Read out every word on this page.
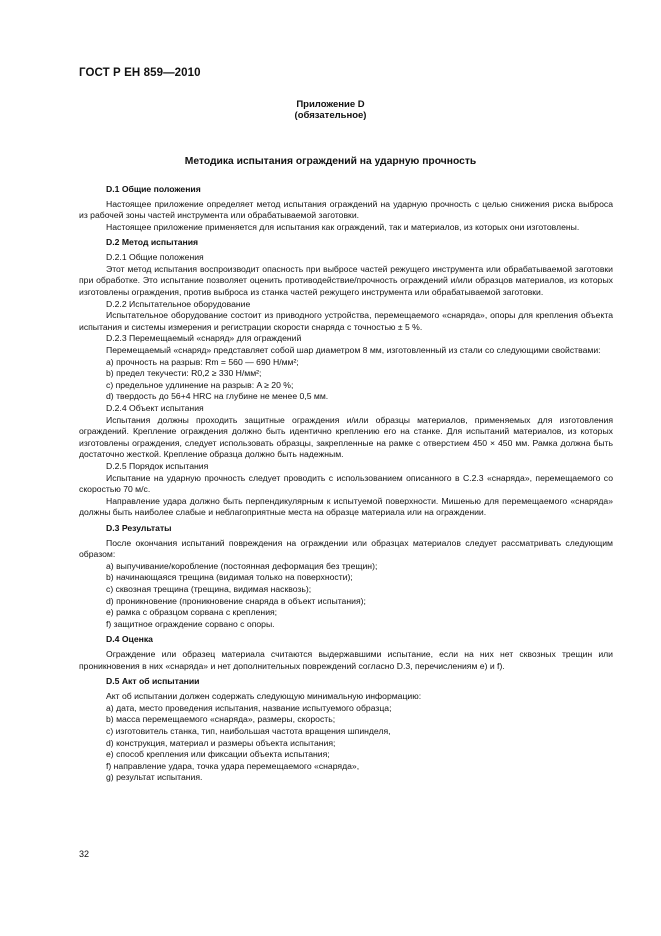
ГОСТ Р ЕН 859—2010
Приложение D
(обязательное)
Методика испытания ограждений на ударную прочность

D.1 Общие положения

Настоящее приложение определяет метод испытания ограждений на ударную прочность с целью снижения риска выброса из рабочей зоны частей инструмента или обрабатываемой заготовки.

Настоящее приложение применяется для испытания как ограждений, так и материалов, из которых они изготовлены.

D.2 Метод испытания

D.2.1 Общие положения

Этот метод испытания воспроизводит опасность при выбросе частей режущего инструмента или обрабатываемой заготовки при обработке. Это испытание позволяет оценить противодействие/прочность ограждений и/или образцов материалов, из которых изготовлены ограждения, против выброса из станка частей режущего инструмента или обрабатываемой заготовки.

D.2.2 Испытательное оборудование

Испытательное оборудование состоит из приводного устройства, перемещаемого «снаряда», опоры для крепления объекта испытания и системы измерения и регистрации скорости снаряда с точностью ± 5 %.

D.2.3 Перемещаемый «снаряд» для ограждений

Перемещаемый «снаряд» представляет собой шар диаметром 8 мм, изготовленный из стали со следующими свойствами:

a) прочность на разрыв: Rm = 560 — 690 Н/мм²;

b) предел текучести: R0,2 ≥ 330 Н/мм²;

c) предельное удлинение на разрыв: A ≥ 20 %;

d) твердость до 56+4 HRC на глубине не менее 0,5 мм.

D.2.4 Объект испытания

Испытания должны проходить защитные ограждения и/или образцы материалов, применяемых для изготовления ограждений. Крепление ограждения должно быть идентично креплению его на станке. Для испытаний материалов, из которых изготовлены ограждения, следует использовать образцы, закрепленные на рамке с отверстием 450 × 450 мм. Рамка должна быть достаточно жесткой. Крепление образца должно быть надежным.

D.2.5 Порядок испытания

Испытание на ударную прочность следует проводить с использованием описанного в С.2.3 «снаряда», перемещаемого со скоростью 70 м/с.

Направление удара должно быть перпендикулярным к испытуемой поверхности. Мишенью для перемещаемого «снаряда» должны быть наиболее слабые и неблагоприятные места на образце материала или на ограждении.

D.3 Результаты

После окончания испытаний повреждения на ограждении или образцах материалов следует рассматривать следующим образом:

a) выпучивание/коробление (постоянная деформация без трещин);

b) начинающаяся трещина (видимая только на поверхности);

c) сквозная трещина (трещина, видимая насквозь);

d) проникновение (проникновение снаряда в объект испытания);

e) рамка с образцом сорвана с крепления;

f) защитное ограждение сорвано с опоры.

D.4 Оценка

Ограждение или образец материала считаются выдержавшими испытание, если на них нет сквозных трещин или проникновения в них «снаряда» и нет дополнительных повреждений согласно D.3, перечислениям e) и f).

D.5 Акт об испытании

Акт об испытании должен содержать следующую минимальную информацию:

a) дата, место проведения испытания, название испытуемого образца;

b) масса перемещаемого «снаряда», размеры, скорость;

c) изготовитель станка, тип, наибольшая частота вращения шпинделя,

d) конструкция, материал и размеры объекта испытания;

e) способ крепления или фиксации объекта испытания;

f) направление удара, точка удара перемещаемого «снаряда»,

g) результат испытания.

32
